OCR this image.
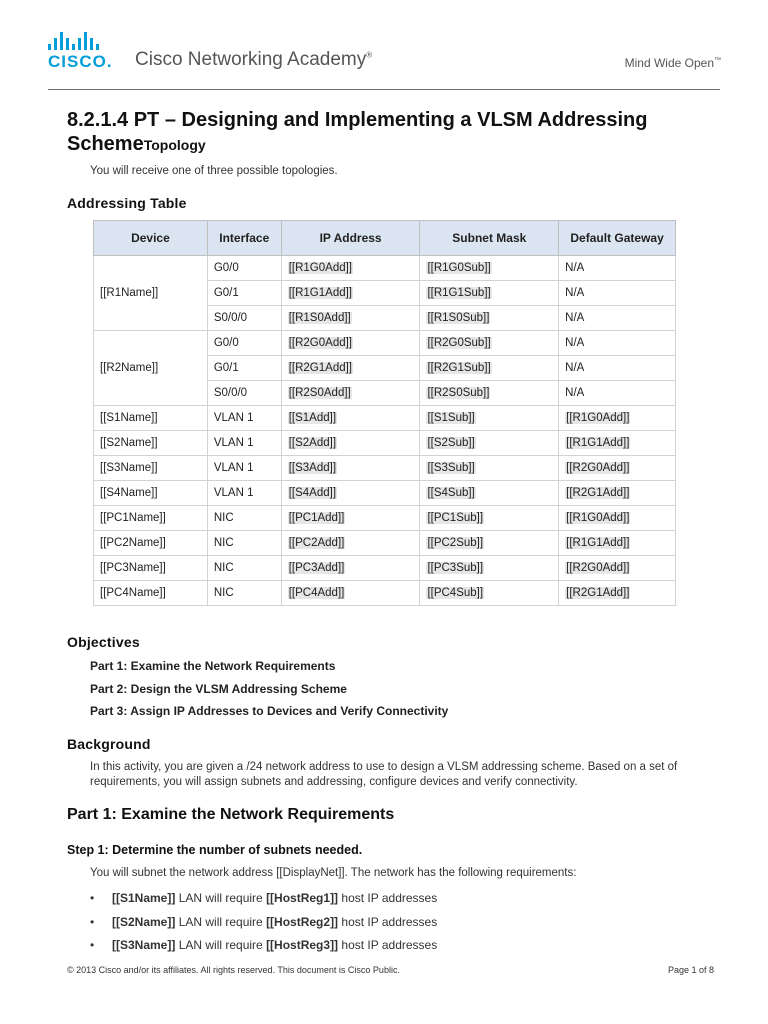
CISCO. Cisco Networking Academy®
Mind Wide Open™
8.2.1.4 PT – Designing and Implementing a VLSM Addressing SchemeTopology
You will receive one of three possible topologies.
Addressing Table
Device	Interface	IP Address	Subnet Mask	Default Gateway
[[R1Name]]	G0/0	[[R1G0Add]]	[[R1G0Sub]]	N/A
	G0/1	[[R1G1Add]]	[[R1G1Sub]]	N/A
	S0/0/0	[[R1S0Add]]	[[R1S0Sub]]	N/A
[[R2Name]]	G0/0	[[R2G0Add]]	[[R2G0Sub]]	N/A
	G0/1	[[R2G1Add]]	[[R2G1Sub]]	N/A
	S0/0/0	[[R2S0Add]]	[[R2S0Sub]]	N/A
[[S1Name]]	VLAN 1	[[S1Add]]	[[S1Sub]]	[[R1G0Add]]
[[S2Name]]	VLAN 1	[[S2Add]]	[[S2Sub]]	[[R1G1Add]]
[[S3Name]]	VLAN 1	[[S3Add]]	[[S3Sub]]	[[R2G0Add]]
[[S4Name]]	VLAN 1	[[S4Add]]	[[S4Sub]]	[[R2G1Add]]
[[PC1Name]]	NIC	[[PC1Add]]	[[PC1Sub]]	[[R1G0Add]]
[[PC2Name]]	NIC	[[PC2Add]]	[[PC2Sub]]	[[R1G1Add]]
[[PC3Name]]	NIC	[[PC3Add]]	[[PC3Sub]]	[[R2G0Add]]
[[PC4Name]]	NIC	[[PC4Add]]	[[PC4Sub]]	[[R2G1Add]]
Objectives
Part 1: Examine the Network Requirements
Part 2: Design the VLSM Addressing Scheme
Part 3: Assign IP Addresses to Devices and Verify Connectivity
Background
In this activity, you are given a /24 network address to use to design a VLSM addressing scheme. Based on a set of requirements, you will assign subnets and addressing, configure devices and verify connectivity.
Part 1: Examine the Network Requirements
Step 1: Determine the number of subnets needed.
You will subnet the network address [[DisplayNet]]. The network has the following requirements:
• [[S1Name]] LAN will require [[HostReg1]] host IP addresses
• [[S2Name]] LAN will require [[HostReg2]] host IP addresses
• [[S3Name]] LAN will require [[HostReg3]] host IP addresses
© 2013 Cisco and/or its affiliates. All rights reserved. This document is Cisco Public.	Page 1 of 8
